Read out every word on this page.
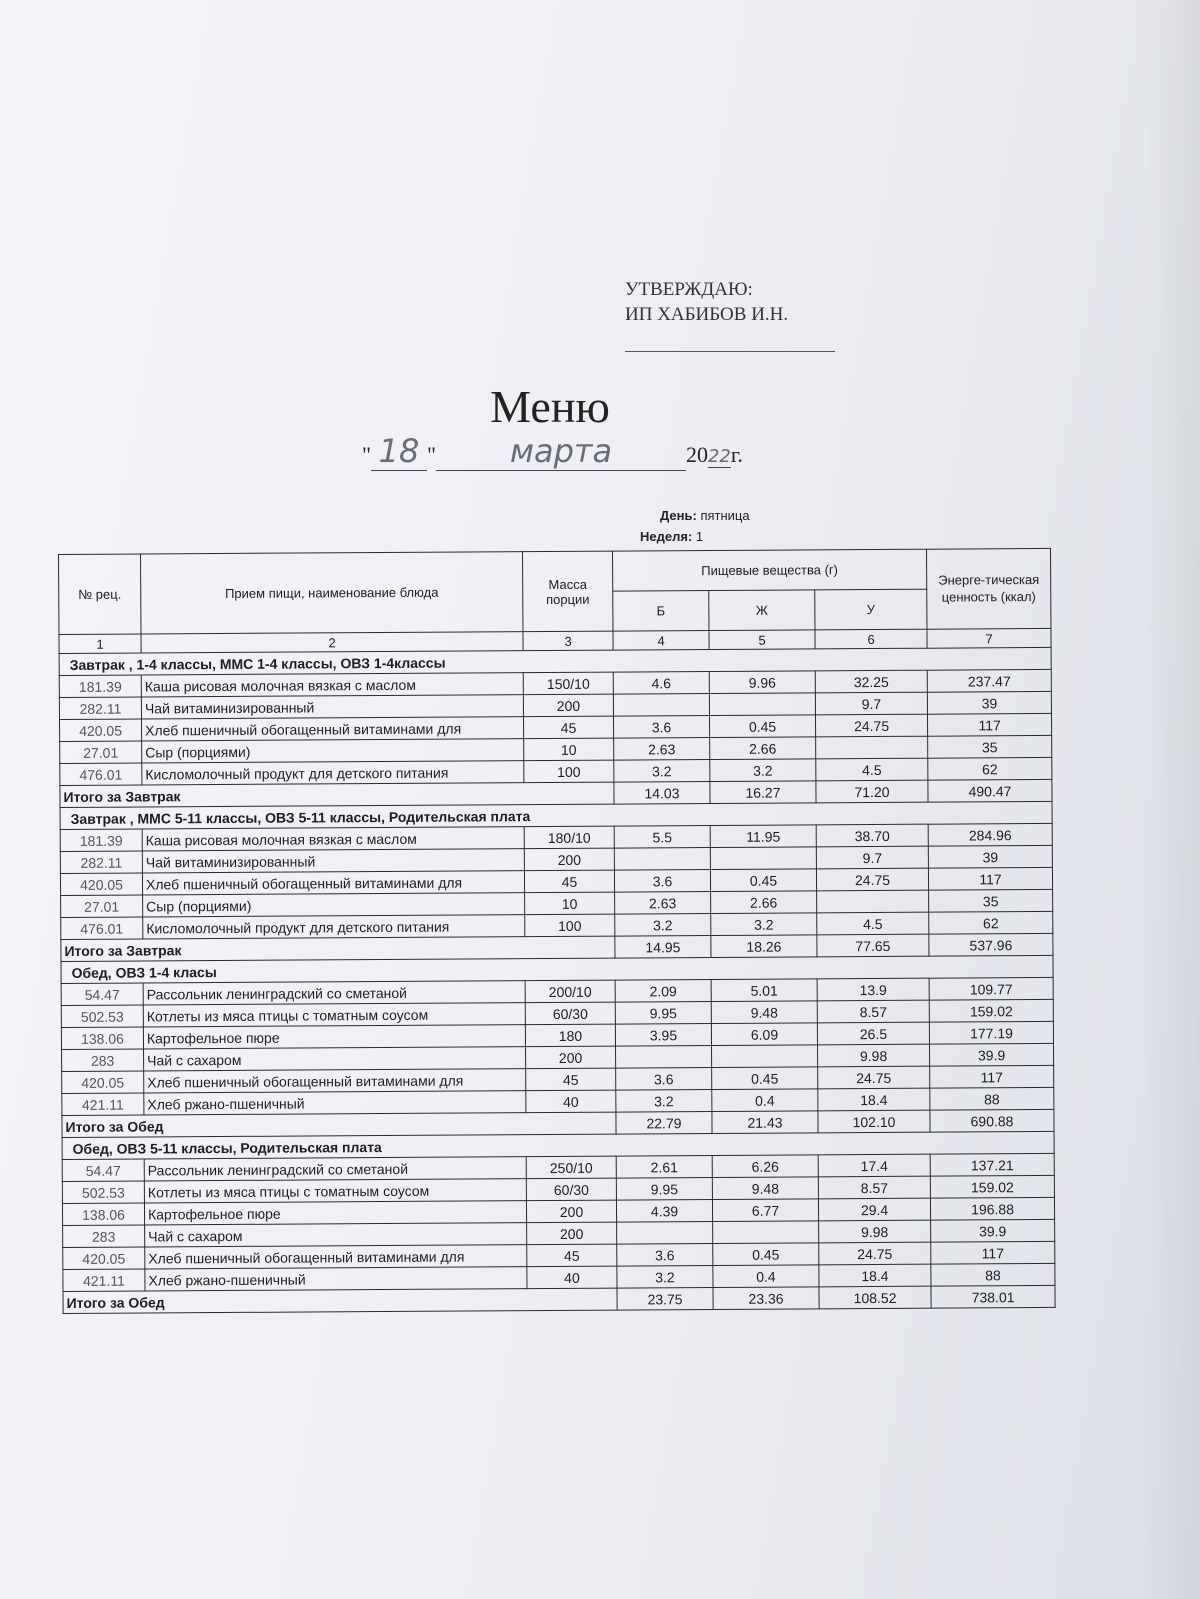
УТВЕРЖДАЮ:
ИП ХАБИБОВ И.Н.
Меню
" 18 " марта	2022г.
День: пятница
Неделя: 1
№ рец.	Прием пищи, наименование блюда	Масса порции	Пищевые вещества (г)			Энерге-тическая ценность (ккал)
			Б	Ж	У	
1	2	3	4	5	6	7
Завтрак , 1-4 классы, ММС 1-4 классы, ОВЗ 1-4классы						
181.39	Каша рисовая молочная вязкая с маслом	150/10	4.6	9.96	32.25	237.47
282.11	Чай витаминизированный	200			9.7	39
420.05	Хлеб пшеничный обогащенный витаминами для	45	3.6	0.45	24.75	117
27.01	Сыр (порциями)	10	2.63	2.66		35
476.01	Кисломолочный продукт для детского питания	100	3.2	3.2	4.5	62
Итого за Завтрак			14.03	16.27	71.20	490.47
Завтрак , ММС 5-11 классы, ОВЗ 5-11 классы, Родительская плата						
181.39	Каша рисовая молочная вязкая с маслом	180/10	5.5	11.95	38.70	284.96
282.11	Чай витаминизированный	200			9.7	39
420.05	Хлеб пшеничный обогащенный витаминами для	45	3.6	0.45	24.75	117
27.01	Сыр (порциями)	10	2.63	2.66		35
476.01	Кисломолочный продукт для детского питания	100	3.2	3.2	4.5	62
Итого за Завтрак			14.95	18.26	77.65	537.96
Обед, ОВЗ 1-4 класы						
54.47	Рассольник ленинградский со сметаной	200/10	2.09	5.01	13.9	109.77
502.53	Котлеты из мяса птицы с томатным соусом	60/30	9.95	9.48	8.57	159.02
138.06	Картофельное пюре	180	3.95	6.09	26.5	177.19
283	Чай с сахаром	200			9.98	39.9
420.05	Хлеб пшеничный обогащенный витаминами для	45	3.6	0.45	24.75	117
421.11	Хлеб ржано-пшеничный	40	3.2	0.4	18.4	88
Итого за Обед			22.79	21.43	102.10	690.88
Обед, ОВЗ 5-11 классы, Родительская плата						
54.47	Рассольник ленинградский со сметаной	250/10	2.61	6.26	17.4	137.21
502.53	Котлеты из мяса птицы с томатным соусом	60/30	9.95	9.48	8.57	159.02
138.06	Картофельное пюре	200	4.39	6.77	29.4	196.88
283	Чай с сахаром	200			9.98	39.9
420.05	Хлеб пшеничный обогащенный витаминами для	45	3.6	0.45	24.75	117
421.11	Хлеб ржано-пшеничный	40	3.2	0.4	18.4	88
Итого за Обед			23.75	23.36	108.52	738.01
